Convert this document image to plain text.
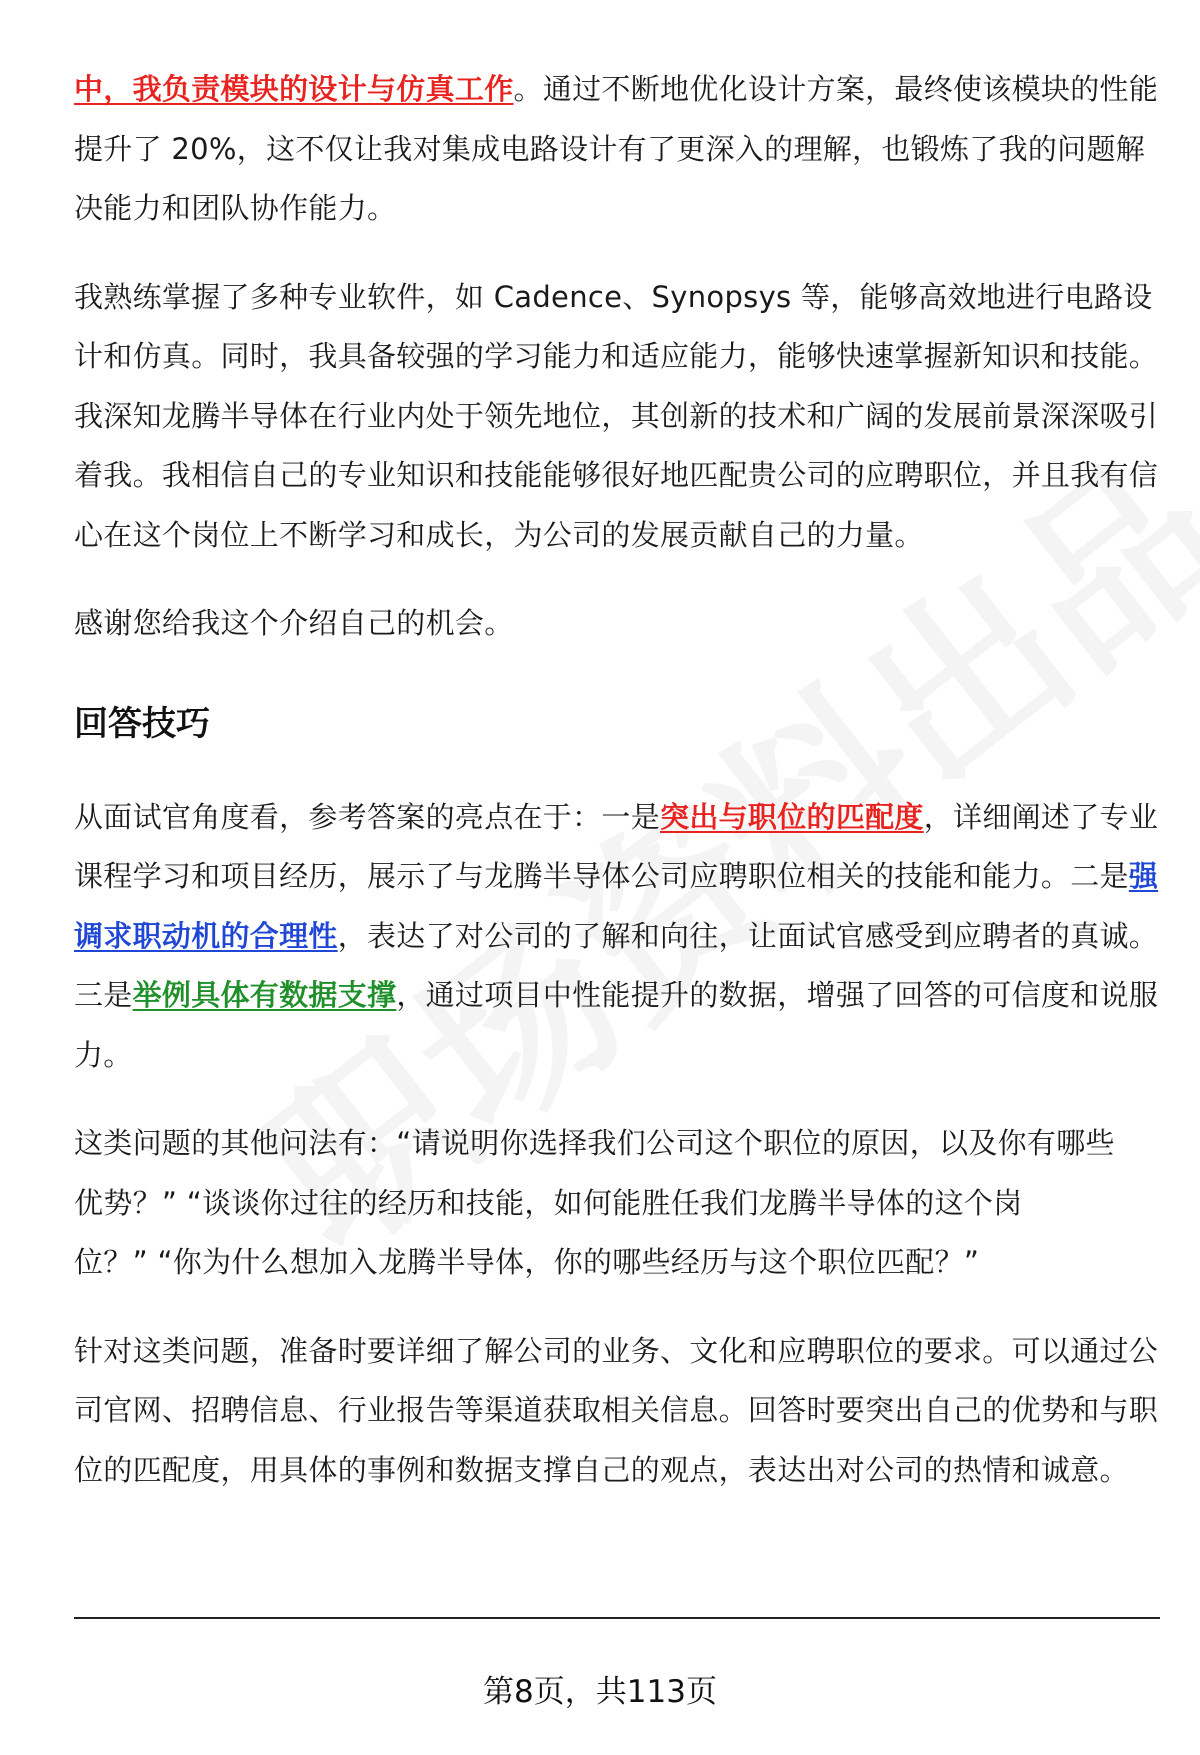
中，我负责模块的设计与仿真工作。通过不断地优化设计方案，最终使该模块的性能提升了 20%，这不仅让我对集成电路设计有了更深入的理解，也锻炼了我的问题解决能力和团队协作能力。

我熟练掌握了多种专业软件，如 Cadence、Synopsys 等，能够高效地进行电路设计和仿真。同时，我具备较强的学习能力和适应能力，能够快速掌握新知识和技能。我深知龙腾半导体在行业内处于领先地位，其创新的技术和广阔的发展前景深深吸引着我。我相信自己的专业知识和技能能够很好地匹配贵公司的应聘职位，并且我有信心在这个岗位上不断学习和成长，为公司的发展贡献自己的力量。

感谢您给我这个介绍自己的机会。

回答技巧

从面试官角度看，参考答案的亮点在于：一是突出与职位的匹配度，详细阐述了专业课程学习和项目经历，展示了与龙腾半导体公司应聘职位相关的技能和能力。二是强调求职动机的合理性，表达了对公司的了解和向往，让面试官感受到应聘者的真诚。三是举例具体有数据支撑，通过项目中性能提升的数据，增强了回答的可信度和说服力。

这类问题的其他问法有：“请说明你选择我们公司这个职位的原因，以及你有哪些
优势？” “谈谈你过往的经历和技能，如何能胜任我们龙腾半导体的这个岗
位？” “你为什么想加入龙腾半导体，你的哪些经历与这个职位匹配？”

针对这类问题，准备时要详细了解公司的业务、文化和应聘职位的要求。可以通过公司官网、招聘信息、行业报告等渠道获取相关信息。回答时要突出自己的优势和与职位的匹配度，用具体的事例和数据支撑自己的观点，表达出对公司的热情和诚意。

第8页，共113页
